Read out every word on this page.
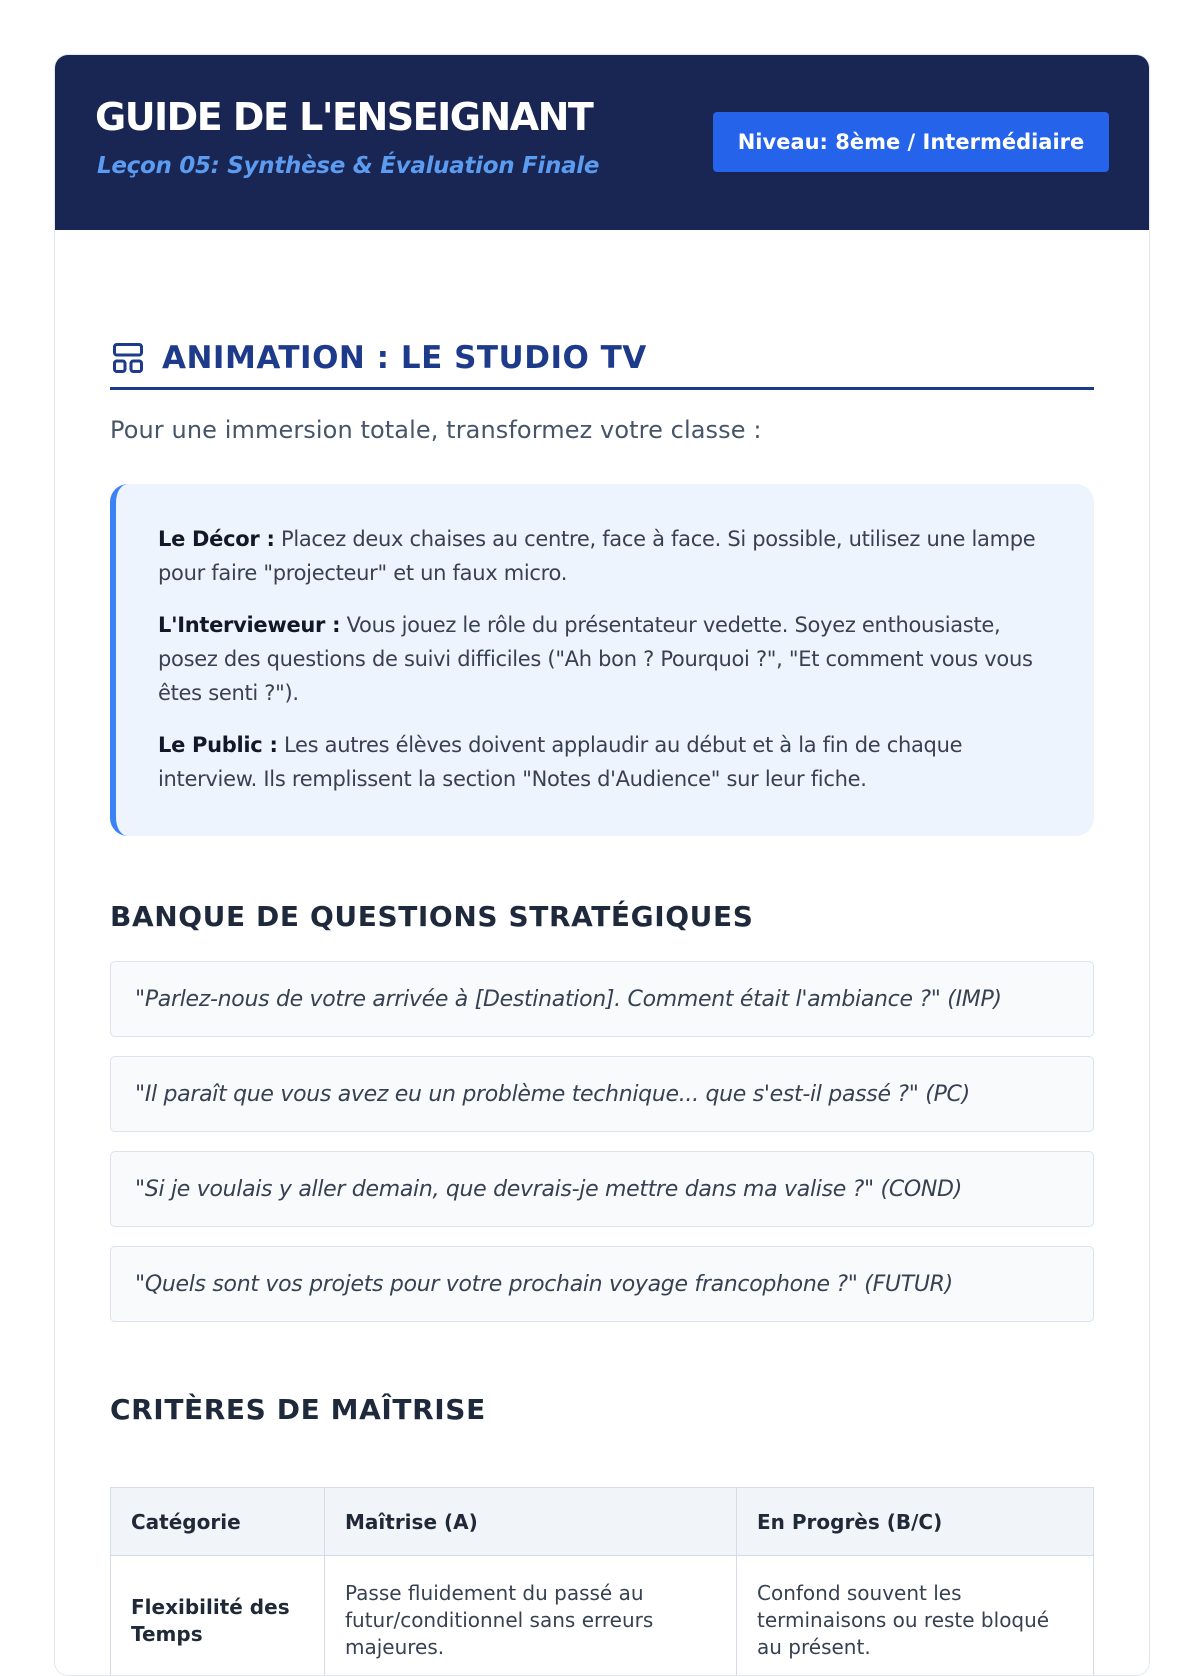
GUIDE DE L'ENSEIGNANT
Leçon 05: Synthèse & Évaluation Finale
Niveau: 8ème / Intermédiaire
ANIMATION : LE STUDIO TV
Pour une immersion totale, transformez votre classe :

Le Décor : Placez deux chaises au centre, face à face. Si possible, utilisez une lampe pour faire "projecteur" et un faux micro.

L'Intervieweur : Vous jouez le rôle du présentateur vedette. Soyez enthousiaste, posez des questions de suivi difficiles ("Ah bon ? Pourquoi ?", "Et comment vous vous êtes senti ?").

Le Public : Les autres élèves doivent applaudir au début et à la fin de chaque interview. Ils remplissent la section "Notes d'Audience" sur leur fiche.

BANQUE DE QUESTIONS STRATÉGIQUES
"Parlez-nous de votre arrivée à [Destination]. Comment était l'ambiance ?" (IMP)
"Il paraît que vous avez eu un problème technique... que s'est-il passé ?" (PC)
"Si je voulais y aller demain, que devrais-je mettre dans ma valise ?" (COND)
"Quels sont vos projets pour votre prochain voyage francophone ?" (FUTUR)
CRITÈRES DE MAÎTRISE
Catégorie	Maîtrise (A)	En Progrès (B/C)
Flexibilité des Temps	Passe fluidement du passé au futur/conditionnel sans erreurs majeures.	Confond souvent les terminaisons ou reste bloqué au présent.
